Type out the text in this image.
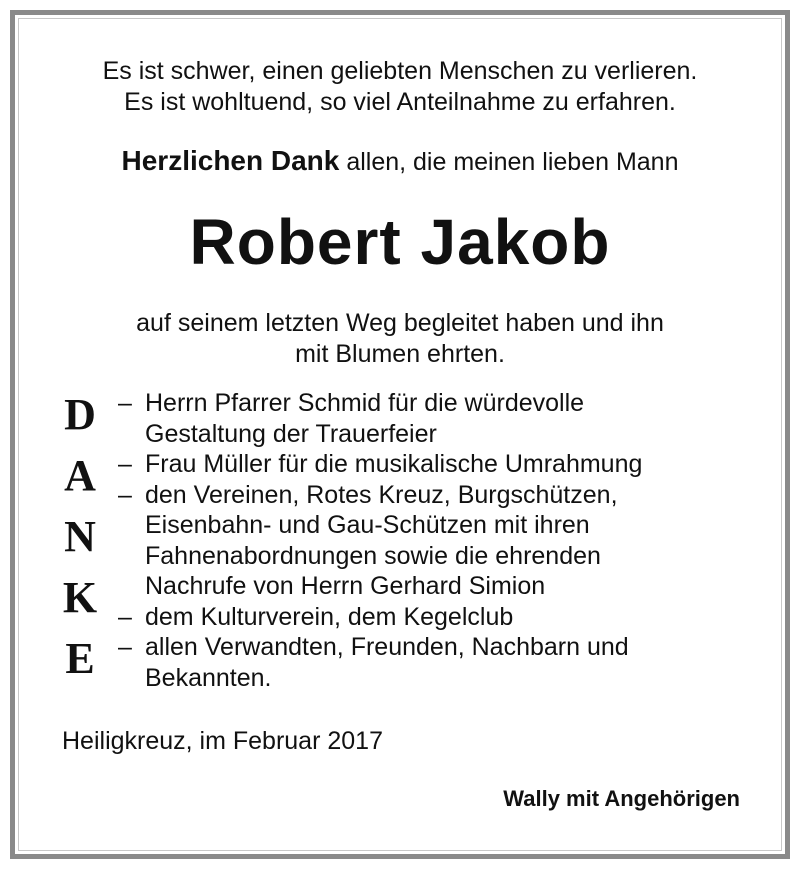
Es ist schwer, einen geliebten Menschen zu verlieren.
Es ist wohltuend, so viel Anteilnahme zu erfahren.
Herzlichen Dank allen, die meinen lieben Mann
Robert Jakob
auf seinem letzten Weg begleitet haben und ihn
mit Blumen ehrten.
D
A
N
K
E
– Herrn Pfarrer Schmid für die würdevolle
Gestaltung der Trauerfeier
– Frau Müller für die musikalische Umrahmung
– den Vereinen, Rotes Kreuz, Burgschützen,
Eisenbahn- und Gau-Schützen mit ihren
Fahnenabordnungen sowie die ehrenden
Nachrufe von Herrn Gerhard Simion
– dem Kulturverein, dem Kegelclub
– allen Verwandten, Freunden, Nachbarn und
Bekannten.
Heiligkreuz, im Februar 2017
Wally mit Angehörigen
